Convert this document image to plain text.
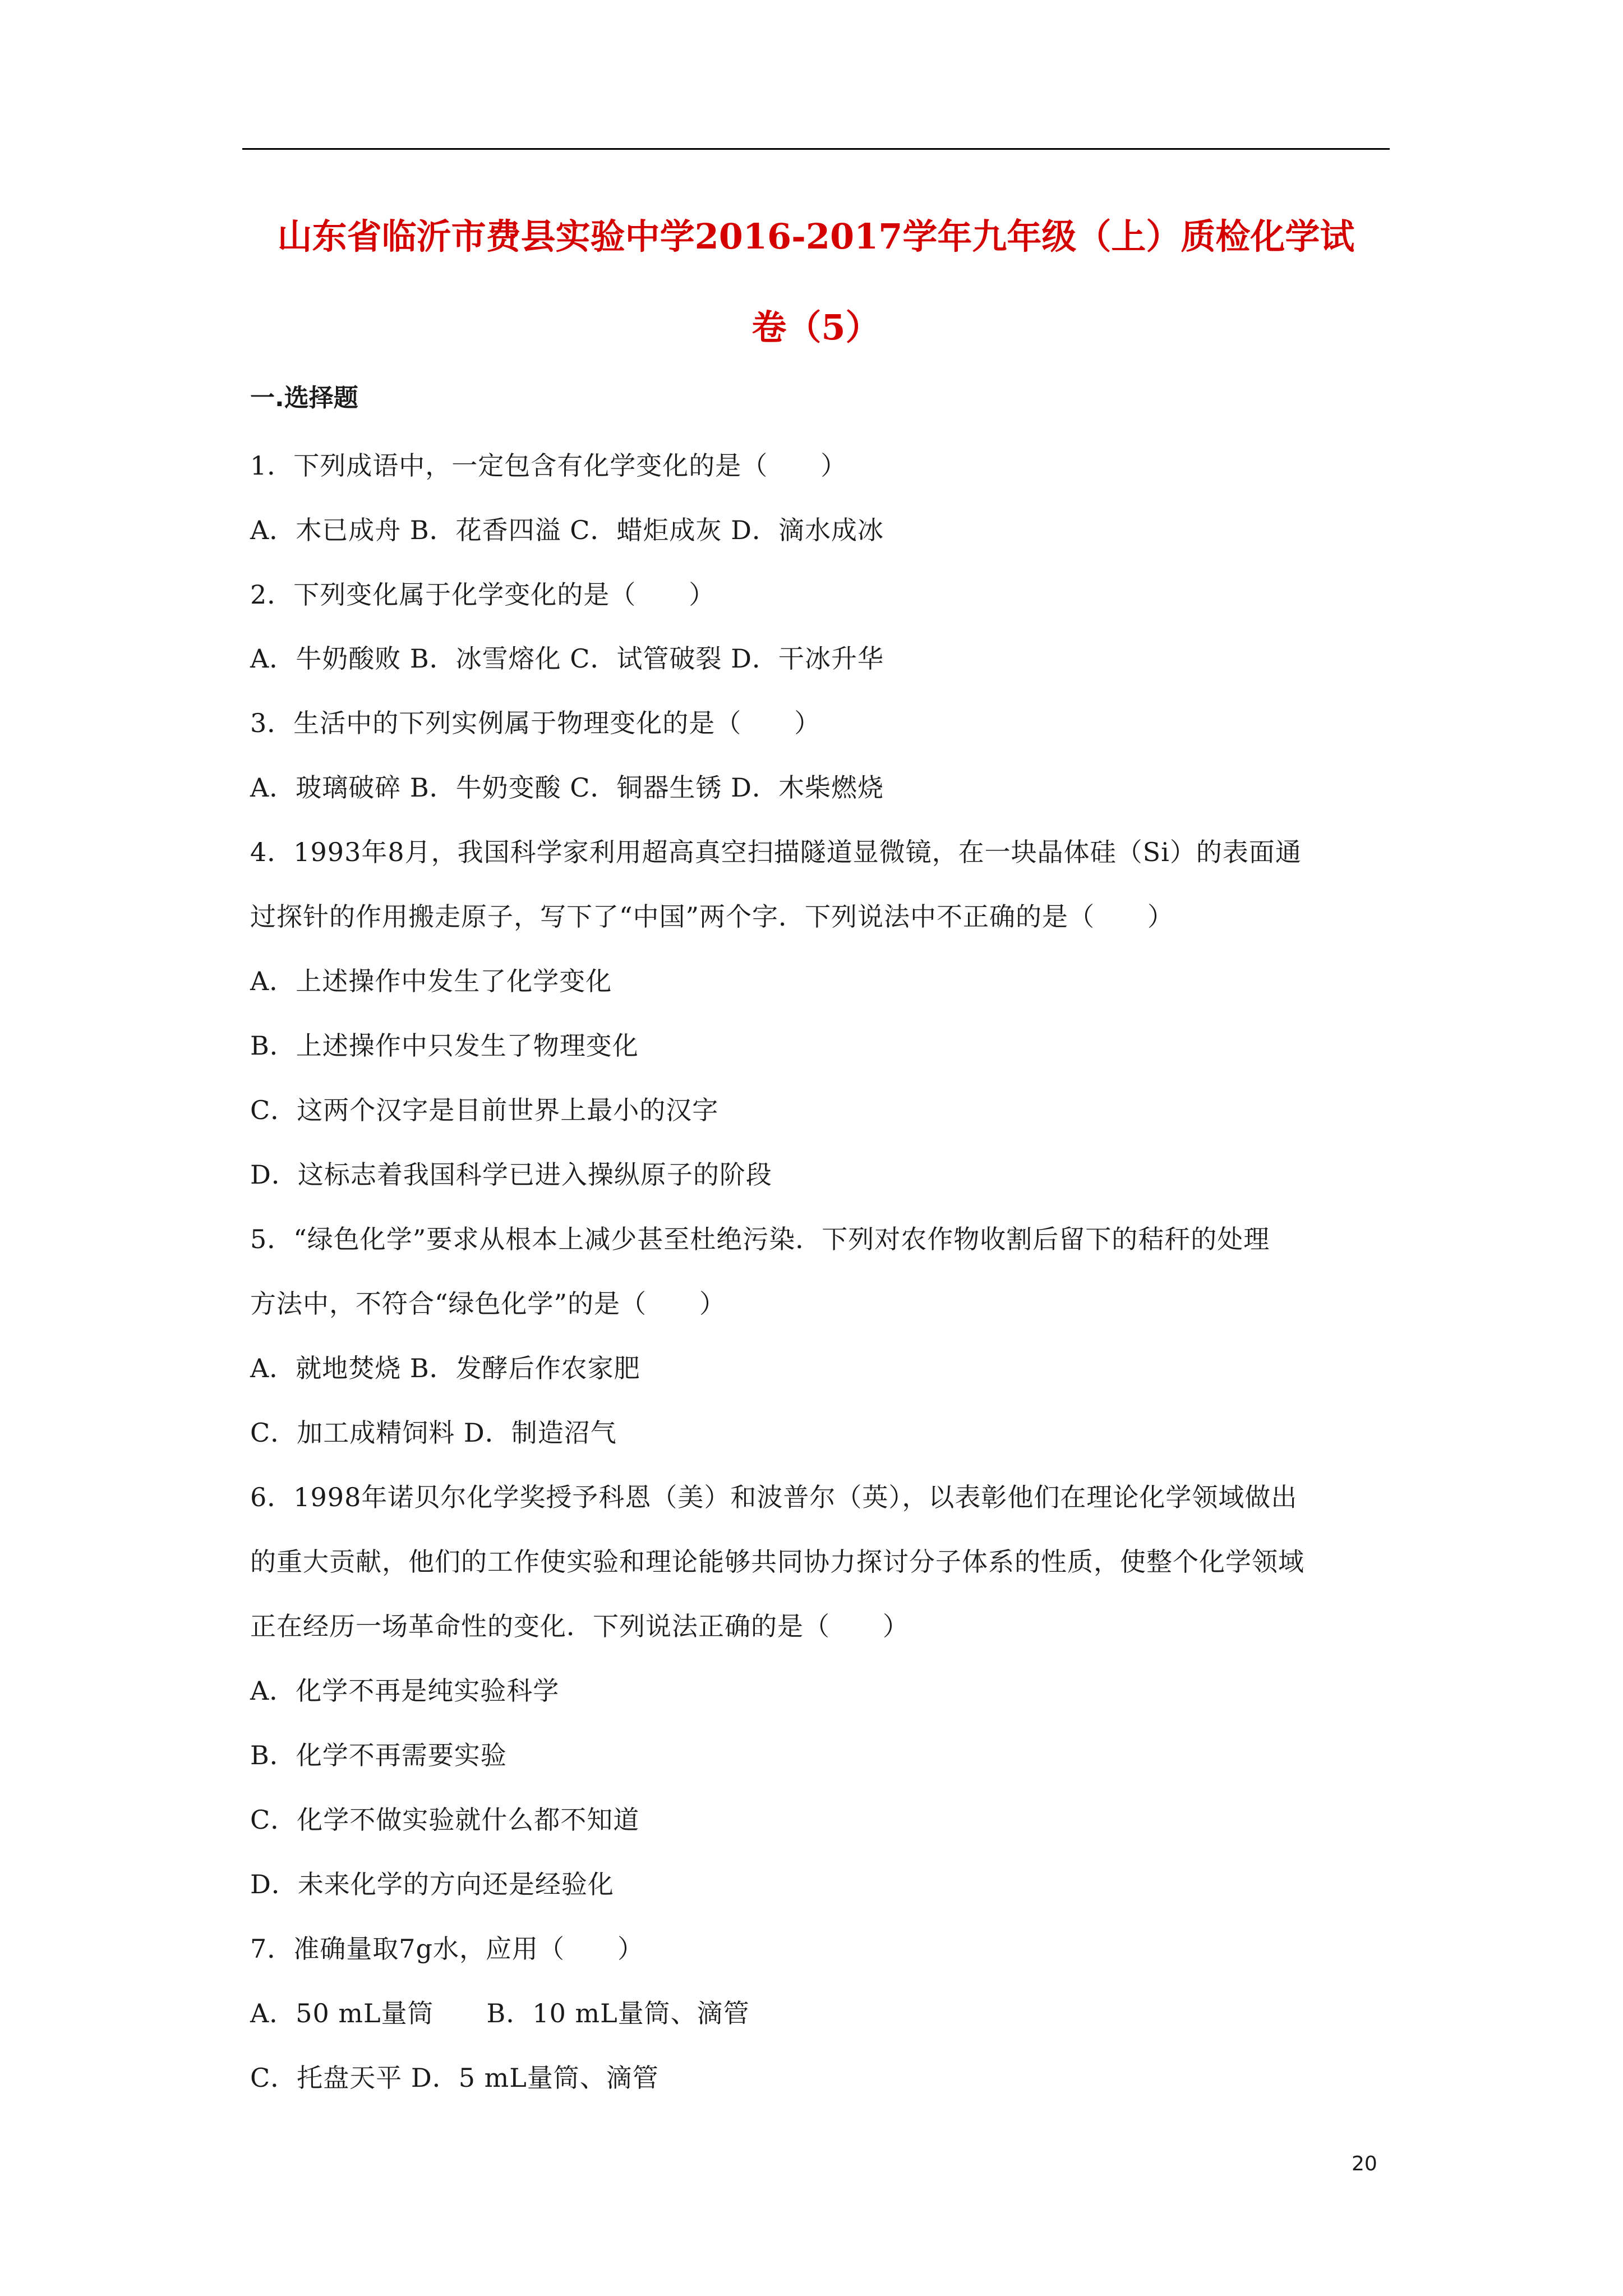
山东省临沂市费县实验中学2016-2017学年九年级（上）质检化学试
卷（5）
一.选择题
1．下列成语中，一定包含有化学变化的是（　　）
A．木已成舟 B．花香四溢 C．蜡炬成灰 D．滴水成冰
2．下列变化属于化学变化的是（　　）
A．牛奶酸败 B．冰雪熔化 C．试管破裂 D．干冰升华
3．生活中的下列实例属于物理变化的是（　　）
A．玻璃破碎 B．牛奶变酸 C．铜器生锈 D．木柴燃烧
4．1993年8月，我国科学家利用超高真空扫描隧道显微镜，在一块晶体硅（Si）的表面通
过探针的作用搬走原子，写下了“中国”两个字．下列说法中不正确的是（　　）
A．上述操作中发生了化学变化
B．上述操作中只发生了物理变化
C．这两个汉字是目前世界上最小的汉字
D．这标志着我国科学已进入操纵原子的阶段
5．“绿色化学”要求从根本上减少甚至杜绝污染．下列对农作物收割后留下的秸秆的处理
方法中，不符合“绿色化学”的是（　　）
A．就地焚烧 B．发酵后作农家肥
C．加工成精饲料 D．制造沼气
6．1998年诺贝尔化学奖授予科恩（美）和波普尔（英），以表彰他们在理论化学领域做出
的重大贡献，他们的工作使实验和理论能够共同协力探讨分子体系的性质，使整个化学领域
正在经历一场革命性的变化．下列说法正确的是（　　）
A．化学不再是纯实验科学
B．化学不再需要实验
C．化学不做实验就什么都不知道
D．未来化学的方向还是经验化
7．准确量取7g水，应用（　　）
A．50 mL量筒　　B．10 mL量筒、滴管
C．托盘天平 D．5 mL量筒、滴管
20
